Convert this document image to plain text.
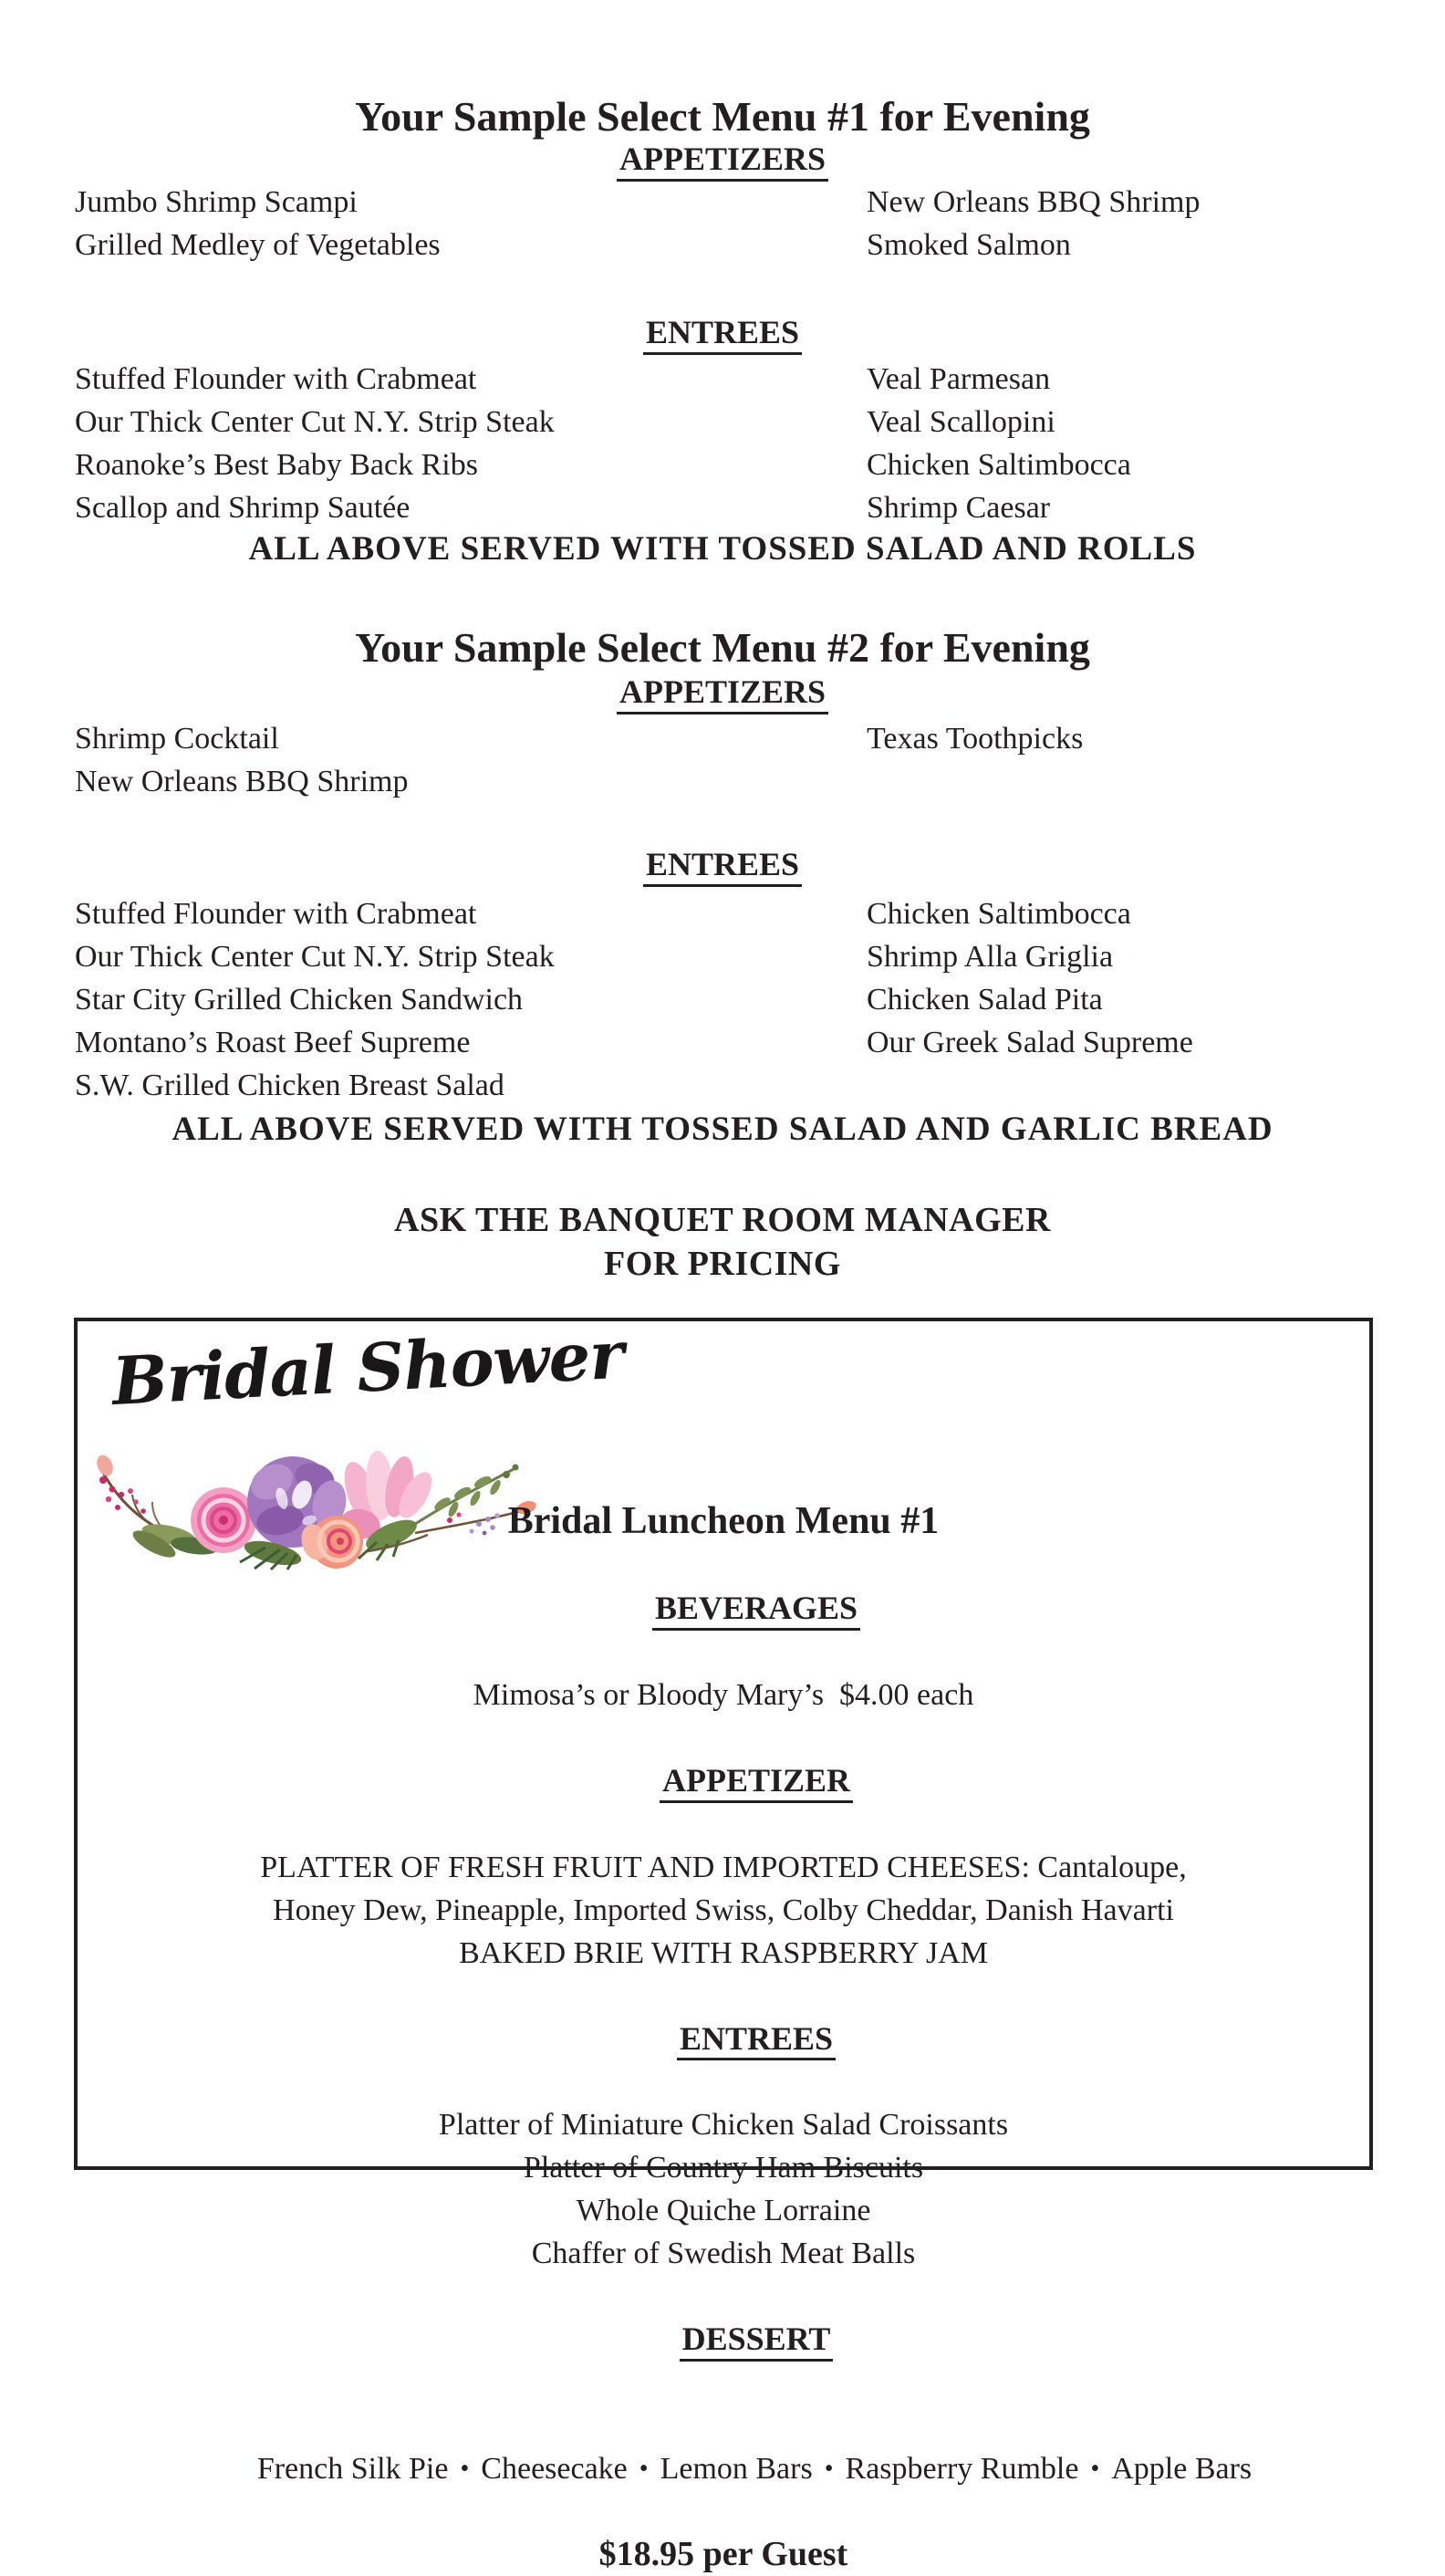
Your Sample Select Menu #1 for Evening
APPETIZERS
Jumbo Shrimp Scampi	New Orleans BBQ Shrimp
Grilled Medley of Vegetables	Smoked Salmon
ENTREES
Stuffed Flounder with Crabmeat	Veal Parmesan
Our Thick Center Cut N.Y. Strip Steak	Veal Scallopini
Roanoke’s Best Baby Back Ribs	Chicken Saltimbocca
Scallop and Shrimp Sautée	Shrimp Caesar
ALL ABOVE SERVED WITH TOSSED SALAD AND ROLLS
Your Sample Select Menu #2 for Evening
APPETIZERS
Shrimp Cocktail	Texas Toothpicks
New Orleans BBQ Shrimp
ENTREES
Stuffed Flounder with Crabmeat	Chicken Saltimbocca
Our Thick Center Cut N.Y. Strip Steak	Shrimp Alla Griglia
Star City Grilled Chicken Sandwich	Chicken Salad Pita
Montano’s Roast Beef Supreme	Our Greek Salad Supreme
S.W. Grilled Chicken Breast Salad
ALL ABOVE SERVED WITH TOSSED SALAD AND GARLIC BREAD
ASK THE BANQUET ROOM MANAGER
FOR PRICING
Bridal Shower
Bridal Luncheon Menu #1

BEVERAGES

Mimosa’s or Bloody Mary’s  $4.00 each

APPETIZER

PLATTER OF FRESH FRUIT AND IMPORTED CHEESES: Cantaloupe,
Honey Dew, Pineapple, Imported Swiss, Colby Cheddar, Danish Havarti
BAKED BRIE WITH RASPBERRY JAM

ENTREES

Platter of Miniature Chicken Salad Croissants
Platter of Country Ham Biscuits
Whole Quiche Lorraine
Chaffer of Swedish Meat Balls

DESSERT

French Silk Pie • Cheesecake • Lemon Bars • Raspberry Rumble • Apple Bars

$18.95 per Guest
